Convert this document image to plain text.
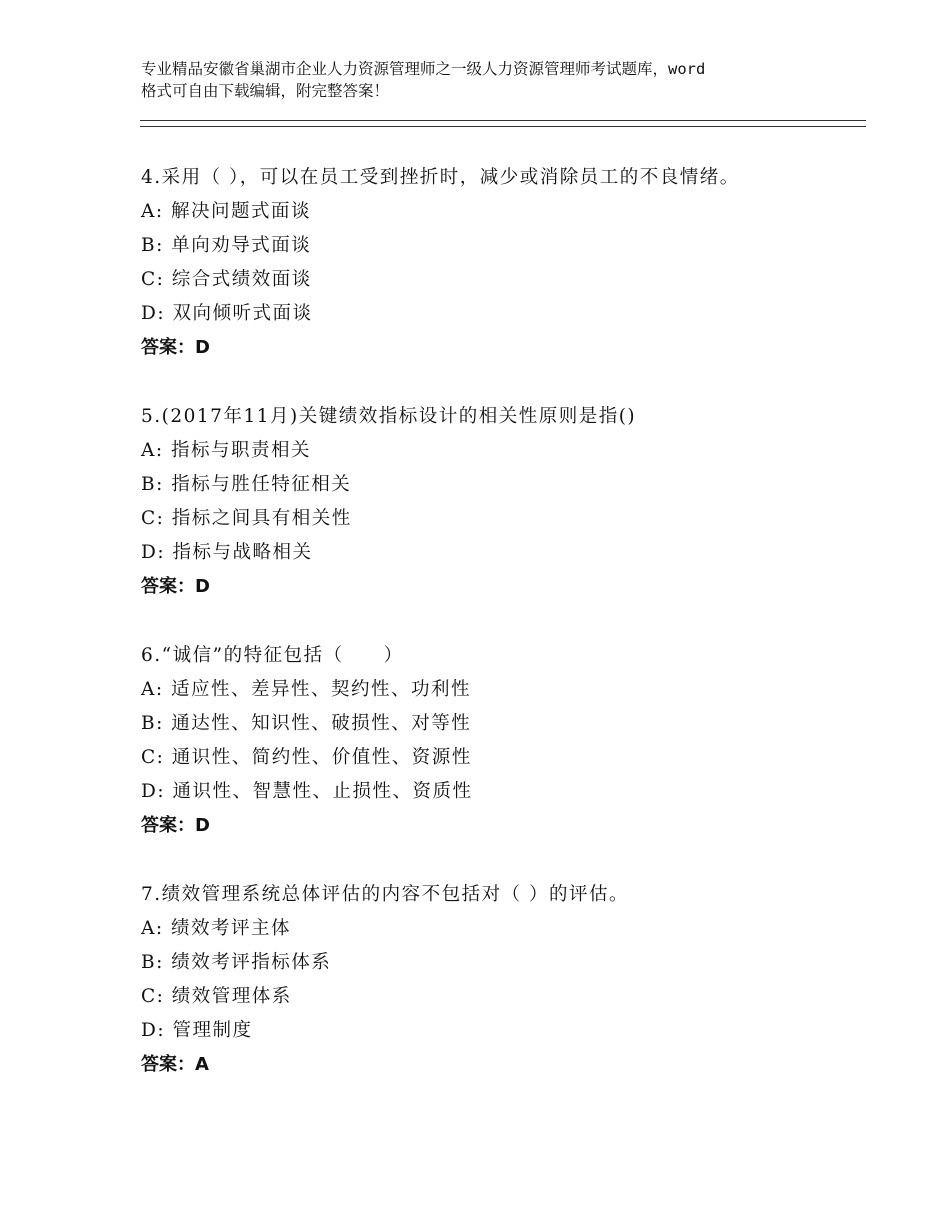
专业精品安徽省巢湖市企业人力资源管理师之一级人力资源管理师考试题库，word
格式可自由下载编辑，附完整答案！
4.采用（ ），可以在员工受到挫折时，减少或消除员工的不良情绪。
A: 解决问题式面谈
B: 单向劝导式面谈
C: 综合式绩效面谈
D: 双向倾听式面谈
答案：D
5.(2017年11月)关键绩效指标设计的相关性原则是指()
A: 指标与职责相关
B: 指标与胜任特征相关
C: 指标之间具有相关性
D: 指标与战略相关
答案：D
6.“诚信”的特征包括（　　）
A: 适应性、差异性、契约性、功利性
B: 通达性、知识性、破损性、对等性
C: 通识性、简约性、价值性、资源性
D: 通识性、智慧性、止损性、资质性
答案：D
7.绩效管理系统总体评估的内容不包括对（ ）的评估。
A: 绩效考评主体
B: 绩效考评指标体系
C: 绩效管理体系
D: 管理制度
答案：A
